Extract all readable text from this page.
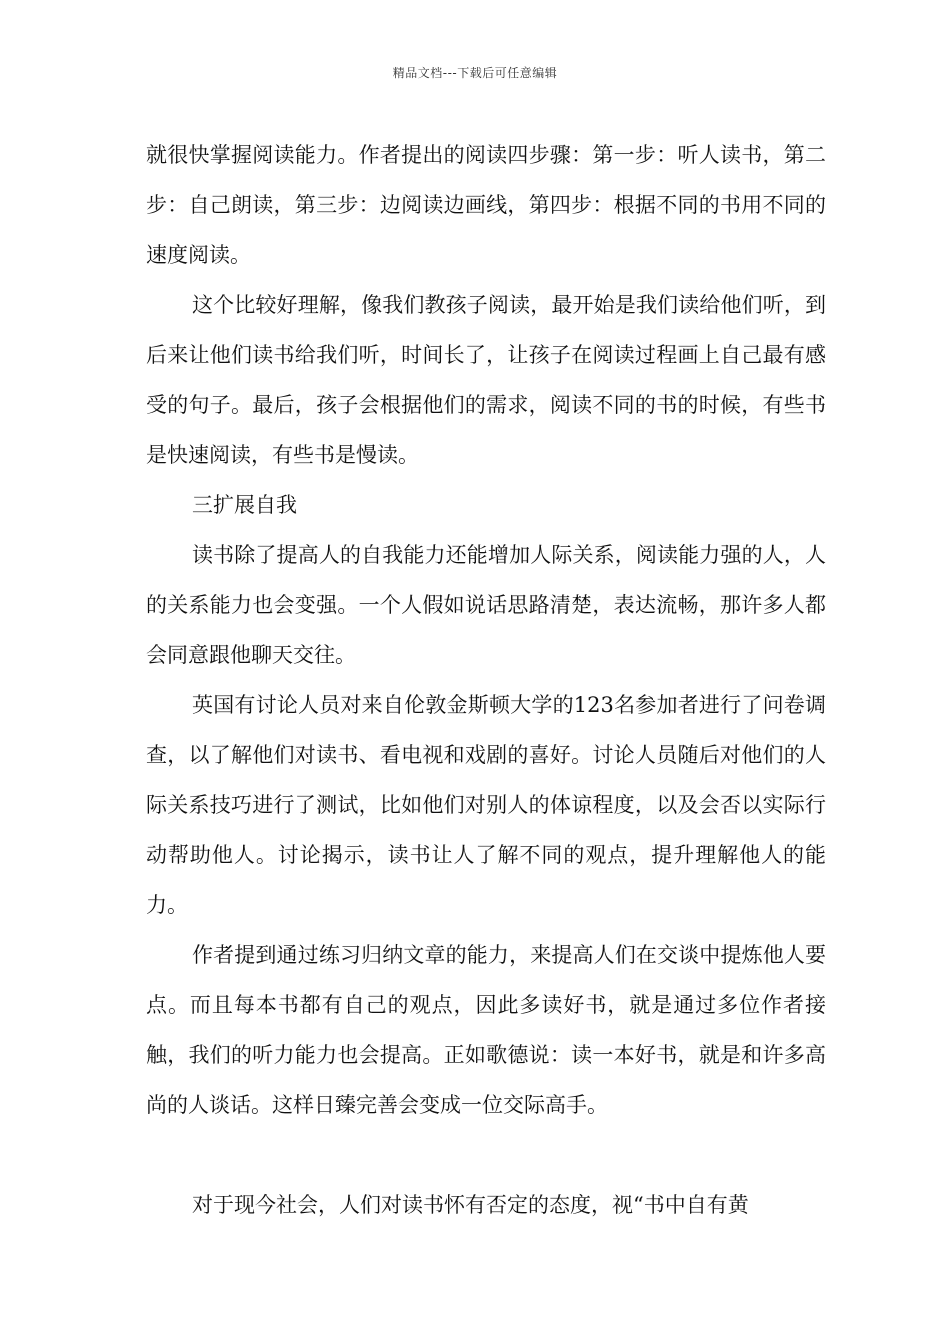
精品文档---下载后可任意编辑

就很快掌握阅读能力。作者提出的阅读四步骤：第一步：听人读书，第二步：自己朗读，第三步：边阅读边画线，第四步：根据不同的书用不同的速度阅读。

这个比较好理解，像我们教孩子阅读，最开始是我们读给他们听，到后来让他们读书给我们听，时间长了，让孩子在阅读过程画上自己最有感受的句子。最后，孩子会根据他们的需求，阅读不同的书的时候，有些书是快速阅读，有些书是慢读。

三扩展自我

读书除了提高人的自我能力还能增加人际关系，阅读能力强的人，人的关系能力也会变强。一个人假如说话思路清楚，表达流畅，那许多人都会同意跟他聊天交往。

英国有讨论人员对来自伦敦金斯顿大学的123名参加者进行了问卷调查，以了解他们对读书、看电视和戏剧的喜好。讨论人员随后对他们的人际关系技巧进行了测试，比如他们对别人的体谅程度，以及会否以实际行动帮助他人。讨论揭示，读书让人了解不同的观点，提升理解他人的能力。

作者提到通过练习归纳文章的能力，来提高人们在交谈中提炼他人要点。而且每本书都有自己的观点，因此多读好书，就是通过多位作者接触，我们的听力能力也会提高。正如歌德说：读一本好书，就是和许多高尚的人谈话。这样日臻完善会变成一位交际高手。

对于现今社会，人们对读书怀有否定的态度，视“书中自有黄
